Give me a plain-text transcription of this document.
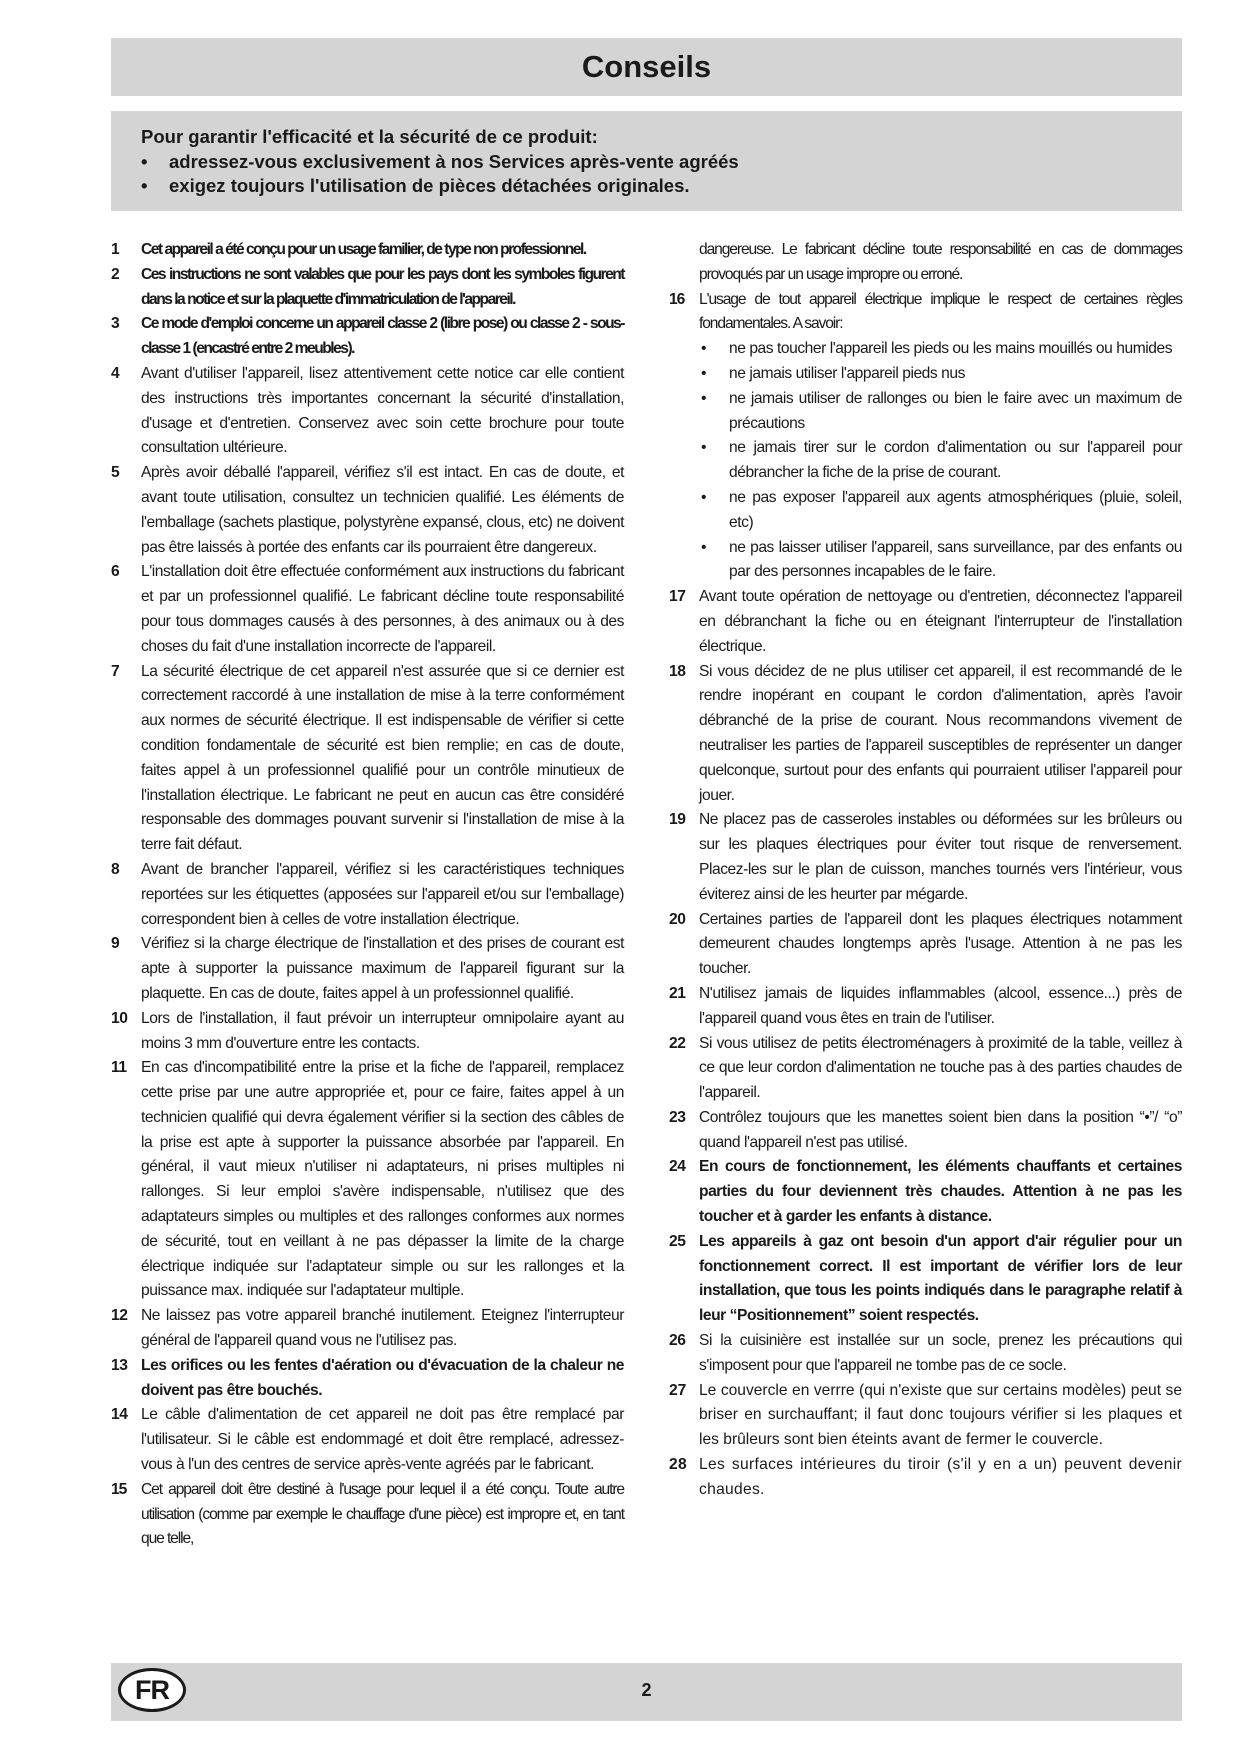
Conseils
Pour garantir l'efficacité et la sécurité de ce produit:
• adressez-vous exclusivement à nos Services après-vente agréés
• exigez toujours l'utilisation de pièces détachées originales.
1	Cet appareil a été conçu pour un usage familier, de type non professionnel.
2	Ces instructions ne sont valables que pour les pays dont les symboles figurent dans la notice et sur la plaquette d'immatriculation de l'appareil.
3	Ce mode d'emploi concerne un appareil classe 2 (libre pose) ou classe 2 - sous-classe 1 (encastré entre 2 meubles).
4	Avant d'utiliser l'appareil, lisez attentivement cette notice car elle contient des instructions très importantes concernant la sécurité d'installation, d'usage et d'entretien. Conservez avec soin cette brochure pour toute consultation ultérieure.
5	Après avoir déballé l'appareil, vérifiez s'il est intact. En cas de doute, et avant toute utilisation, consultez un technicien qualifié. Les éléments de l'emballage (sachets plastique, polystyrène expansé, clous, etc) ne doivent pas être laissés à portée des enfants car ils pourraient être dangereux.
6	L'installation doit être effectuée conformément aux instructions du fabricant et par un professionnel qualifié. Le fabricant décline toute responsabilité pour tous dommages causés à des personnes, à des animaux ou à des choses du fait d'une installation incorrecte de l'appareil.
7	La sécurité électrique de cet appareil n'est assurée que si ce dernier est correctement raccordé à une installation de mise à la terre conformément aux normes de sécurité électrique. Il est indispensable de vérifier si cette condition fondamentale de sécurité est bien remplie; en cas de doute, faites appel à un professionnel qualifié pour un contrôle minutieux de l'installation électrique. Le fabricant ne peut en aucun cas être considéré responsable des dommages pouvant survenir si l'installation de mise à la terre fait défaut.
8	Avant de brancher l'appareil, vérifiez si les caractéristiques techniques reportées sur les étiquettes (apposées sur l'appareil et/ou sur l'emballage) correspondent bien à celles de votre installation électrique.
9	Vérifiez si la charge électrique de l'installation et des prises de courant est apte à supporter la puissance maximum de l'appareil figurant sur la plaquette. En cas de doute, faites appel à un professionnel qualifié.
10 Lors de l'installation, il faut prévoir un interrupteur omnipolaire ayant au moins 3 mm d'ouverture entre les contacts.
11 En cas d'incompatibilité entre la prise et la fiche de l'appareil, remplacez cette prise par une autre appropriée et, pour ce faire, faites appel à un technicien qualifié qui devra également vérifier si la section des câbles de la prise est apte à supporter la puissance absorbée par l'appareil. En général, il vaut mieux n'utiliser ni adaptateurs, ni prises multiples ni rallonges. Si leur emploi s'avère indispensable, n'utilisez que des adaptateurs simples ou multiples et des rallonges conformes aux normes de sécurité, tout en veillant à ne pas dépasser la limite de la charge électrique indiquée sur l'adaptateur simple ou sur les rallonges et la puissance max. indiquée sur l'adaptateur multiple.
12 Ne laissez pas votre appareil branché inutilement. Eteignez l'interrupteur général de l'appareil quand vous ne l'utilisez pas.
13 Les orifices ou les fentes d'aération ou d'évacuation de la chaleur ne doivent pas être bouchés.
14 Le câble d'alimentation de cet appareil ne doit pas être remplacé par l'utilisateur. Si le câble est endommagé et doit être remplacé, adressez-vous à l'un des centres de service après-vente agréés par le fabricant.
15 Cet appareil doit être destiné à l'usage pour lequel il a été conçu. Toute autre utilisation (comme par exemple le chauffage d'une pièce) est impropre et, en tant que telle,
dangereuse. Le fabricant décline toute responsabilité en cas de dommages provoqués par un usage impropre ou erroné.
16 L'usage de tout appareil électrique implique le respect de certaines règles fondamentales. A savoir:
• ne pas toucher l'appareil les pieds ou les mains mouillés ou humides
• ne jamais utiliser l'appareil pieds nus
• ne jamais utiliser de rallonges ou bien le faire avec un maximum de précautions
• ne jamais tirer sur le cordon d'alimentation ou sur l'appareil pour débrancher la fiche de la prise de courant.
• ne pas exposer l'appareil aux agents atmosphériques (pluie, soleil, etc)
• ne pas laisser utiliser l'appareil, sans surveillance, par des enfants ou par des personnes incapables de le faire.
17 Avant toute opération de nettoyage ou d'entretien, déconnectez l'appareil en débranchant la fiche ou en éteignant l'interrupteur de l'installation électrique.
18 Si vous décidez de ne plus utiliser cet appareil, il est recommandé de le rendre inopérant en coupant le cordon d'alimentation, après l'avoir débranché de la prise de courant. Nous recommandons vivement de neutraliser les parties de l'appareil susceptibles de représenter un danger quelconque, surtout pour des enfants qui pourraient utiliser l'appareil pour jouer.
19 Ne placez pas de casseroles instables ou déformées sur les brûleurs ou sur les plaques électriques pour éviter tout risque de renversement. Placez-les sur le plan de cuisson, manches tournés vers l'intérieur, vous éviterez ainsi de les heurter par mégarde.
20 Certaines parties de l'appareil dont les plaques électriques notamment demeurent chaudes longtemps après l'usage. Attention à ne pas les toucher.
21 N'utilisez jamais de liquides inflammables (alcool, essence...) près de l'appareil quand vous êtes en train de l'utiliser.
22 Si vous utilisez de petits électroménagers à proximité de la table, veillez à ce que leur cordon d'alimentation ne touche pas à des parties chaudes de l'appareil.
23 Contrôlez toujours que les manettes soient bien dans la position “•”/ “o” quand l'appareil n'est pas utilisé.
24 En cours de fonctionnement, les éléments chauffants et certaines parties du four deviennent très chaudes. Attention à ne pas les toucher et à garder les enfants à distance.
25 Les appareils à gaz ont besoin d'un apport d'air régulier pour un fonctionnement correct. Il est important de vérifier lors de leur installation, que tous les points indiqués dans le paragraphe relatif à leur “Positionnement” soient respectés.
26 Si la cuisinière est installée sur un socle, prenez les précautions qui s'imposent pour que l'appareil ne tombe pas de ce socle.
27 Le couvercle en verrre (qui n'existe que sur certains modèles) peut se briser en surchauffant; il faut donc toujours vérifier si les plaques et les brûleurs sont bien éteints avant de fermer le couvercle.
28 Les surfaces intérieures du tiroir (s'il y en a un) peuvent devenir chaudes.
FR	2
